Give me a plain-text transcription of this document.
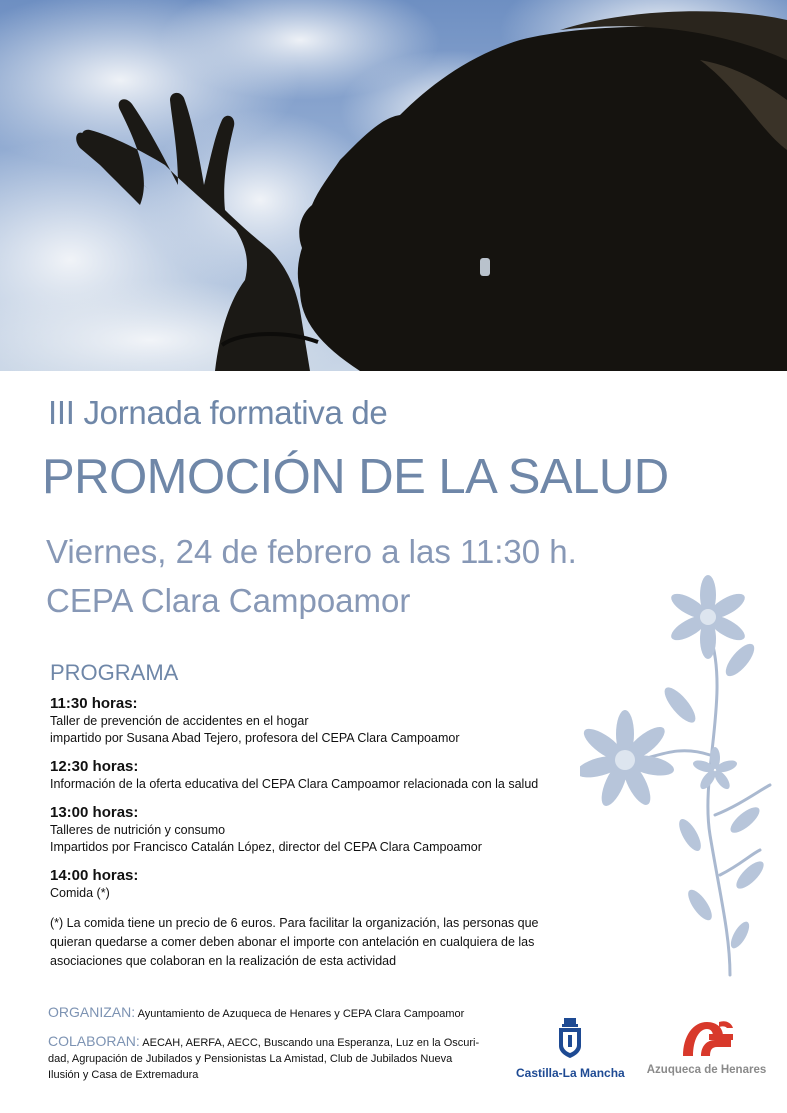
III Jornada formativa de
PROMOCIÓN DE LA SALUD
Viernes, 24 de febrero a las 11:30 h.
CEPA Clara Campoamor
PROGRAMA
11:30 horas:
Taller de prevención de accidentes en el hogar
impartido por Susana Abad Tejero, profesora del CEPA Clara Campoamor
12:30 horas:
Información de la oferta educativa del CEPA Clara Campoamor relacionada con la salud
13:00 horas:
Talleres de nutrición y consumo
Impartidos por Francisco Catalán López, director del CEPA Clara Campoamor
14:00 horas:
Comida (*)
(*) La comida tiene un precio de 6 euros. Para facilitar la organización, las personas que
quieran quedarse a comer deben abonar el importe con antelación en cualquiera de las
asociaciones que colaboran en la realización de esta actividad
ORGANIZAN: Ayuntamiento de Azuqueca de Henares y CEPA Clara Campoamor
COLABORAN: AECAH, AERFA, AECC, Buscando una Esperanza, Luz en la Oscuri-
dad, Agrupación de Jubilados y Pensionistas La Amistad, Club de Jubilados Nueva
Ilusión y Casa de Extremadura	Castilla-La Mancha	Azuqueca de Henares
